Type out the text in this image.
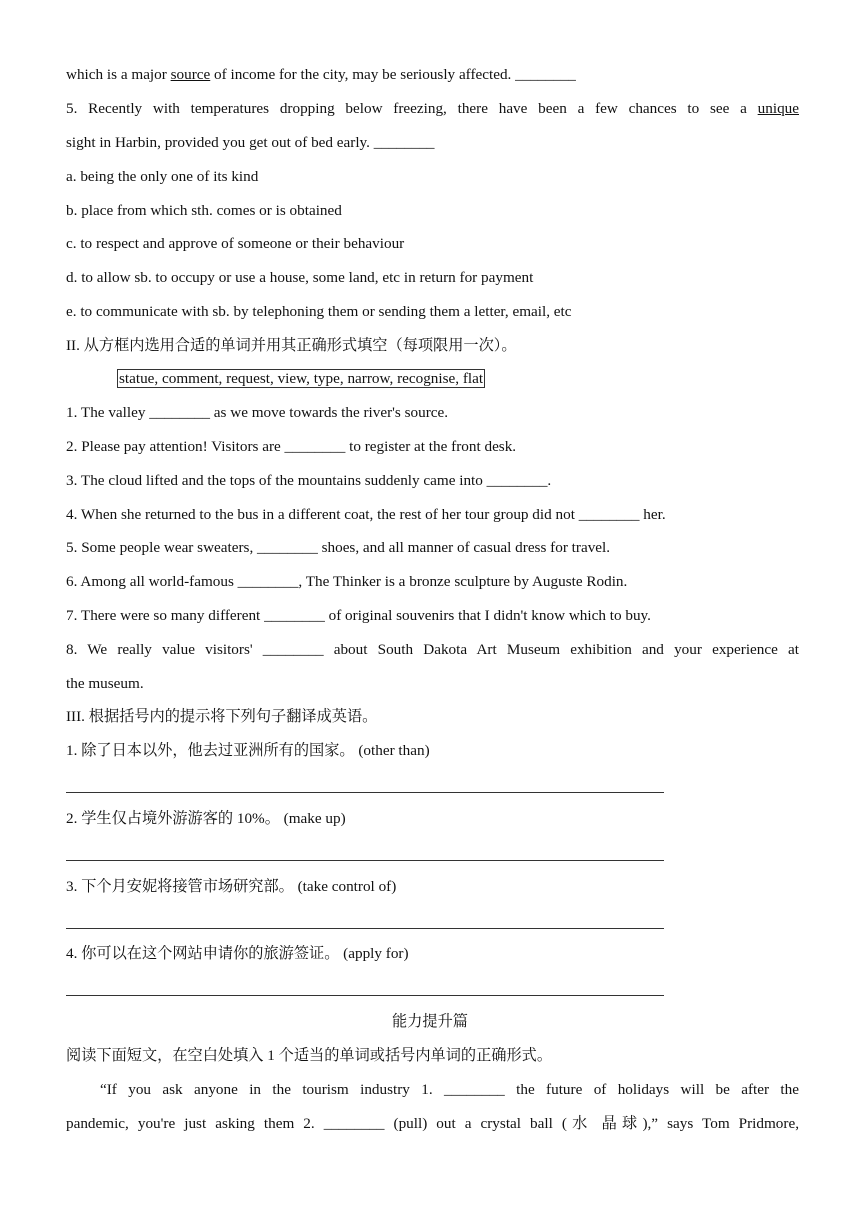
which is a major source of income for the city, may be seriously affected. ________
5. Recently with temperatures dropping below freezing, there have been a few chances to see a unique
sight in Harbin, provided you get out of bed early. ________
a. being the only one of its kind
b. place from which sth. comes or is obtained
c. to respect and approve of someone or their behaviour
d. to allow sb. to occupy or use a house, some land, etc in return for payment
e. to communicate with sb. by telephoning them or sending them a letter, email, etc
II. 从方框内选用合适的单词并用其正确形式填空（每项限用一次）。
statue, comment, request, view, type, narrow, recognise, flat
1. The valley ________ as we move towards the river's source.
2. Please pay attention! Visitors are ________ to register at the front desk.
3. The cloud lifted and the tops of the mountains suddenly came into ________.
4. When she returned to the bus in a different coat, the rest of her tour group did not ________ her.
5. Some people wear sweaters, ________ shoes, and all manner of casual dress for travel.
6. Among all world-famous ________, The Thinker is a bronze sculpture by Auguste Rodin.
7. There were so many different ________ of original souvenirs that I didn't know which to buy.
8. We really value visitors' ________ about South Dakota Art Museum exhibition and your experience at
the museum.
III. 根据括号内的提示将下列句子翻译成英语。
1. 除了日本以外，他去过亚洲所有的国家。 (other than)
2. 学生仅占境外游游客的 10%。 (make up)
3. 下个月安妮将接管市场研究部。 (take control of)
4. 你可以在这个网站申请你的旅游签证。 (apply for)
能力提升篇
阅读下面短文，在空白处填入 1 个适当的单词或括号内单词的正确形式。
“If you ask anyone in the tourism industry 1. ________ the future of holidays will be after the
pandemic, you're just asking them 2. ________ (pull) out a crystal ball (水 晶球),” says Tom Pridmore,
